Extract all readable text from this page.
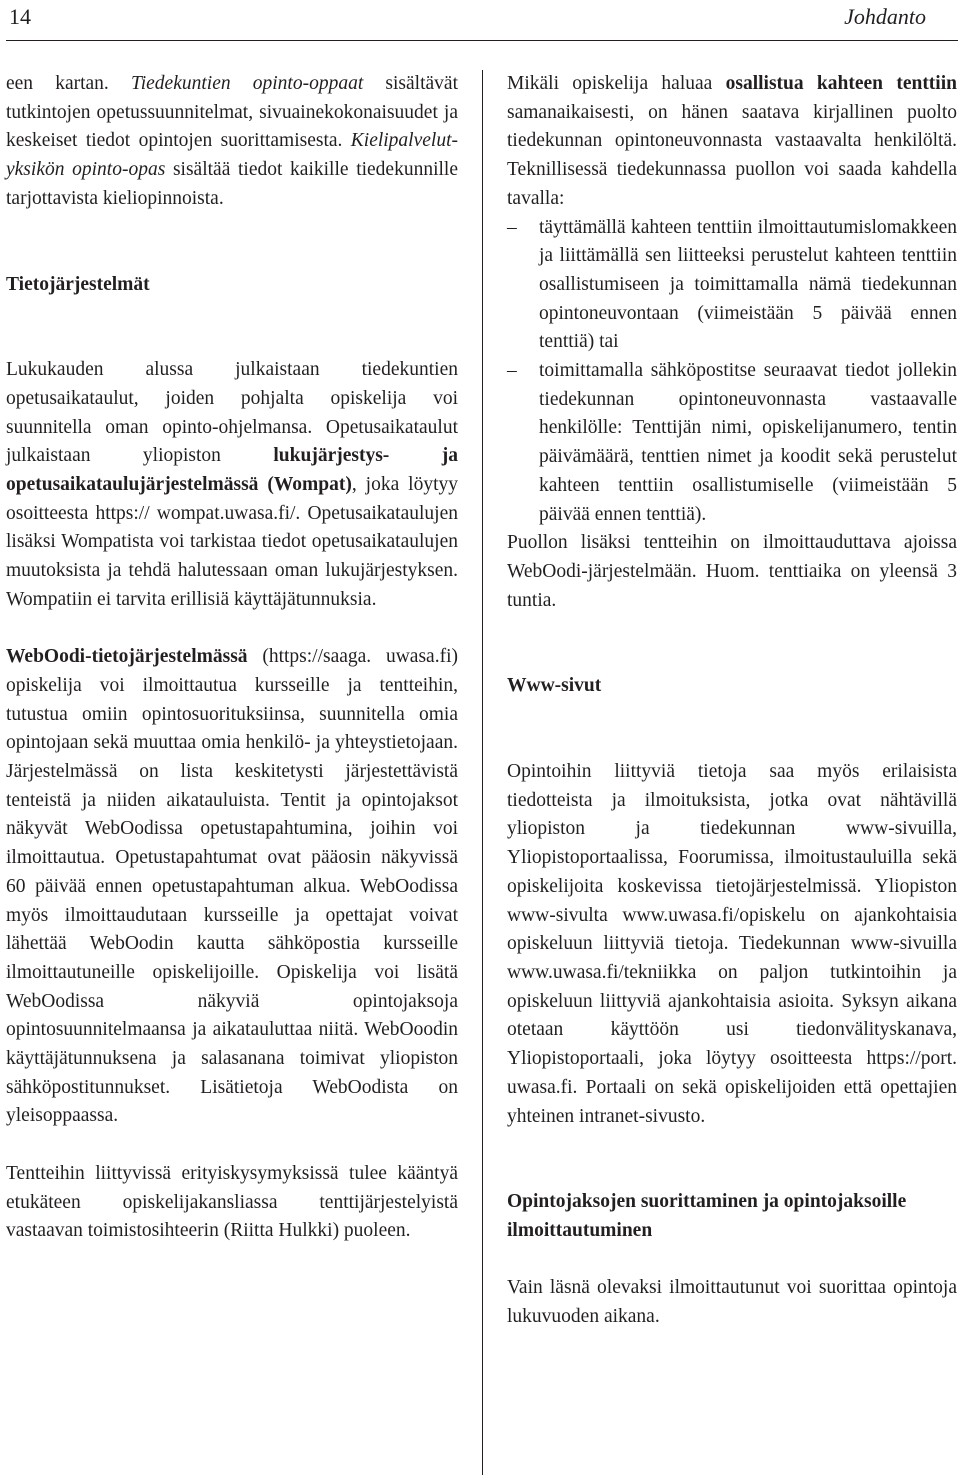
14	Johdanto

een kartan. Tiedekuntien opinto-oppaat sisältävät tutkintojen opetussuunnitelmat, sivuainekokonaisuudet ja keskeiset tiedot opintojen suorittamisesta. Kielipalvelut-yksikön opinto-opas sisältää tiedot kaikille tiedekunnille tarjottavista kieliopinnoista.

Tietojärjestelmät

Lukukauden alussa julkaistaan tiedekuntien opetusaikataulut, joiden pohjalta opiskelija voi suunnitella oman opinto-ohjelmansa. Opetusaikataulut julkaistaan yliopiston lukujärjestys- ja opetusaikataulujärjestelmässä (Wompat), joka löytyy osoitteesta https:// wompat.uwasa.fi/. Opetusaikataulujen lisäksi Wompatista voi tarkistaa tiedot opetusaikataulujen muutoksista ja tehdä halutessaan oman lukujärjestyksen. Wompatiin ei tarvita erillisiä käyttäjätunnuksia.

WebOodi-tietojärjestelmässä (https://saaga. uwasa.fi) opiskelija voi ilmoittautua kursseille ja tentteihin, tutustua omiin opintosuorituksiinsa, suunnitella omia opintojaan sekä muuttaa omia henkilö- ja yhteystietojaan. Järjestelmässä on lista keskitetysti järjestettävistä tenteistä ja niiden aikatauluista. Tentit ja opintojaksot näkyvät WebOodissa opetustapahtumina, joihin voi ilmoittautua. Opetustapahtumat ovat pääosin näkyvissä 60 päivää ennen opetustapahtuman alkua. WebOodissa myös ilmoittaudutaan kursseille ja opettajat voivat lähettää WebOodin kautta sähköpostia kursseille ilmoittautuneille opiskelijoille. Opiskelija voi lisätä WebOodissa näkyviä opintojaksoja opintosuunnitelmaansa ja aikatauluttaa niitä. WebOoodin käyttäjätunnuksena ja salasanana toimivat yliopiston sähköpostitunnukset. Lisätietoja WebOodista on yleisoppaassa.

Tentteihin liittyvissä erityiskysymyksissä tulee kääntyä etukäteen opiskelijakansliassa tenttijärjestelyistä vastaavan toimistosihteerin (Riitta Hulkki) puoleen.

Mikäli opiskelija haluaa osallistua kahteen tenttiin samanaikaisesti, on hänen saatava kirjallinen puolto tiedekunnan opintoneuvonnasta vastaavalta henkilöltä. Teknillisessä tiedekunnassa puollon voi saada kahdella tavalla:

– täyttämällä kahteen tenttiin ilmoittautumislomakkeen ja liittämällä sen liitteeksi perustelut kahteen tenttiin osallistumiseen ja toimittamalla nämä tiedekunnan opintoneuvontaan (viimeistään 5 päivää ennen tenttiä) tai
– toimittamalla sähköpostitse seuraavat tiedot jollekin tiedekunnan opintoneuvonnasta vastaavalle henkilölle: Tenttijän nimi, opiskelijanumero, tentin päivämäärä, tenttien nimet ja koodit sekä perustelut kahteen tenttiin osallistumiselle (viimeistään 5 päivää ennen tenttiä).

Puollon lisäksi tentteihin on ilmoittauduttava ajoissa WebOodi-järjestelmään. Huom. tenttiaika on yleensä 3 tuntia.

Www-sivut

Opintoihin liittyviä tietoja saa myös erilaisista tiedotteista ja ilmoituksista, jotka ovat nähtävillä yliopiston ja tiedekunnan www-sivuilla, Yliopistoportaalissa, Foorumissa, ilmoitustauluilla sekä opiskelijoita koskevissa tietojärjestelmissä. Yliopiston www-sivulta www.uwasa.fi/opiskelu on ajankohtaisia opiskeluun liittyviä tietoja. Tiedekunnan www-sivuilla www.uwasa.fi/tekniikka on paljon tutkintoihin ja opiskeluun liittyviä ajankohtaisia asioita. Syksyn aikana otetaan käyttöön usi tiedonvälityskanava, Yliopistoportaali, joka löytyy osoitteesta https://port. uwasa.fi. Portaali on sekä opiskelijoiden että opettajien yhteinen intranet-sivusto.

Opintojaksojen suorittaminen ja opintojaksoille ilmoittautuminen

Vain läsnä olevaksi ilmoittautunut voi suorittaa opintoja lukuvuoden aikana.
